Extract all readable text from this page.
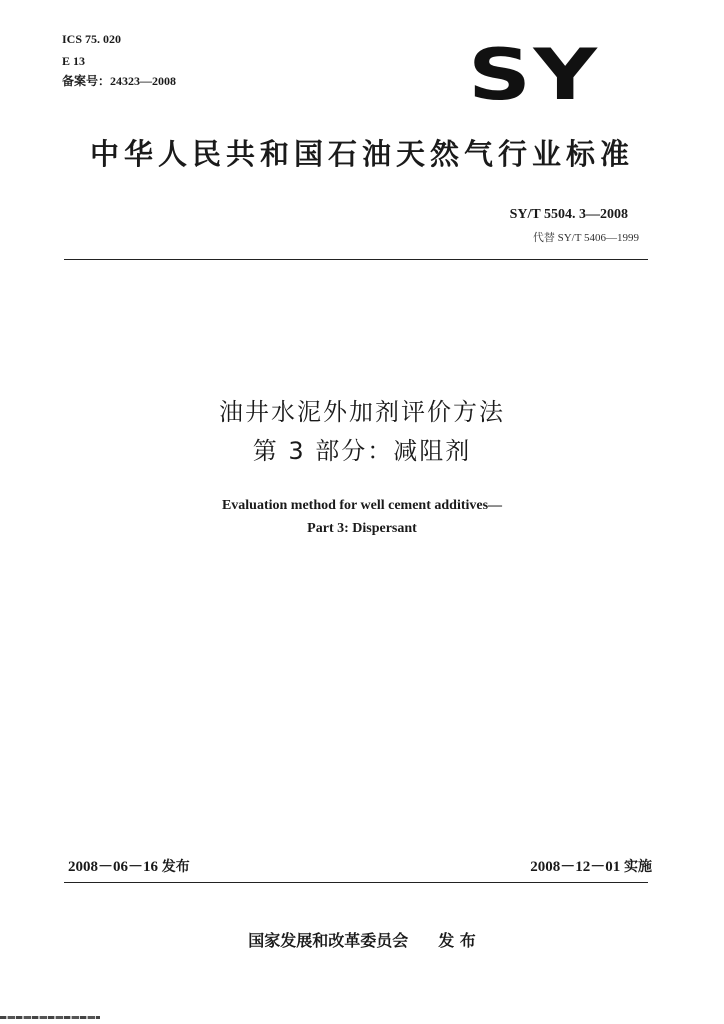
ICS 75. 020
E 13
备案号：24323—2008	SY
中华人民共和国石油天然气行业标准
SY/T 5504. 3—2008
代替 SY/T 5406—1999
油井水泥外加剂评价方法
第 3 部分：减阻剂
Evaluation method for well cement additives—
Part 3: Dispersant
2008－06－16 发布	2008－12－01 实施
国家发展和改革委员会 发 布
